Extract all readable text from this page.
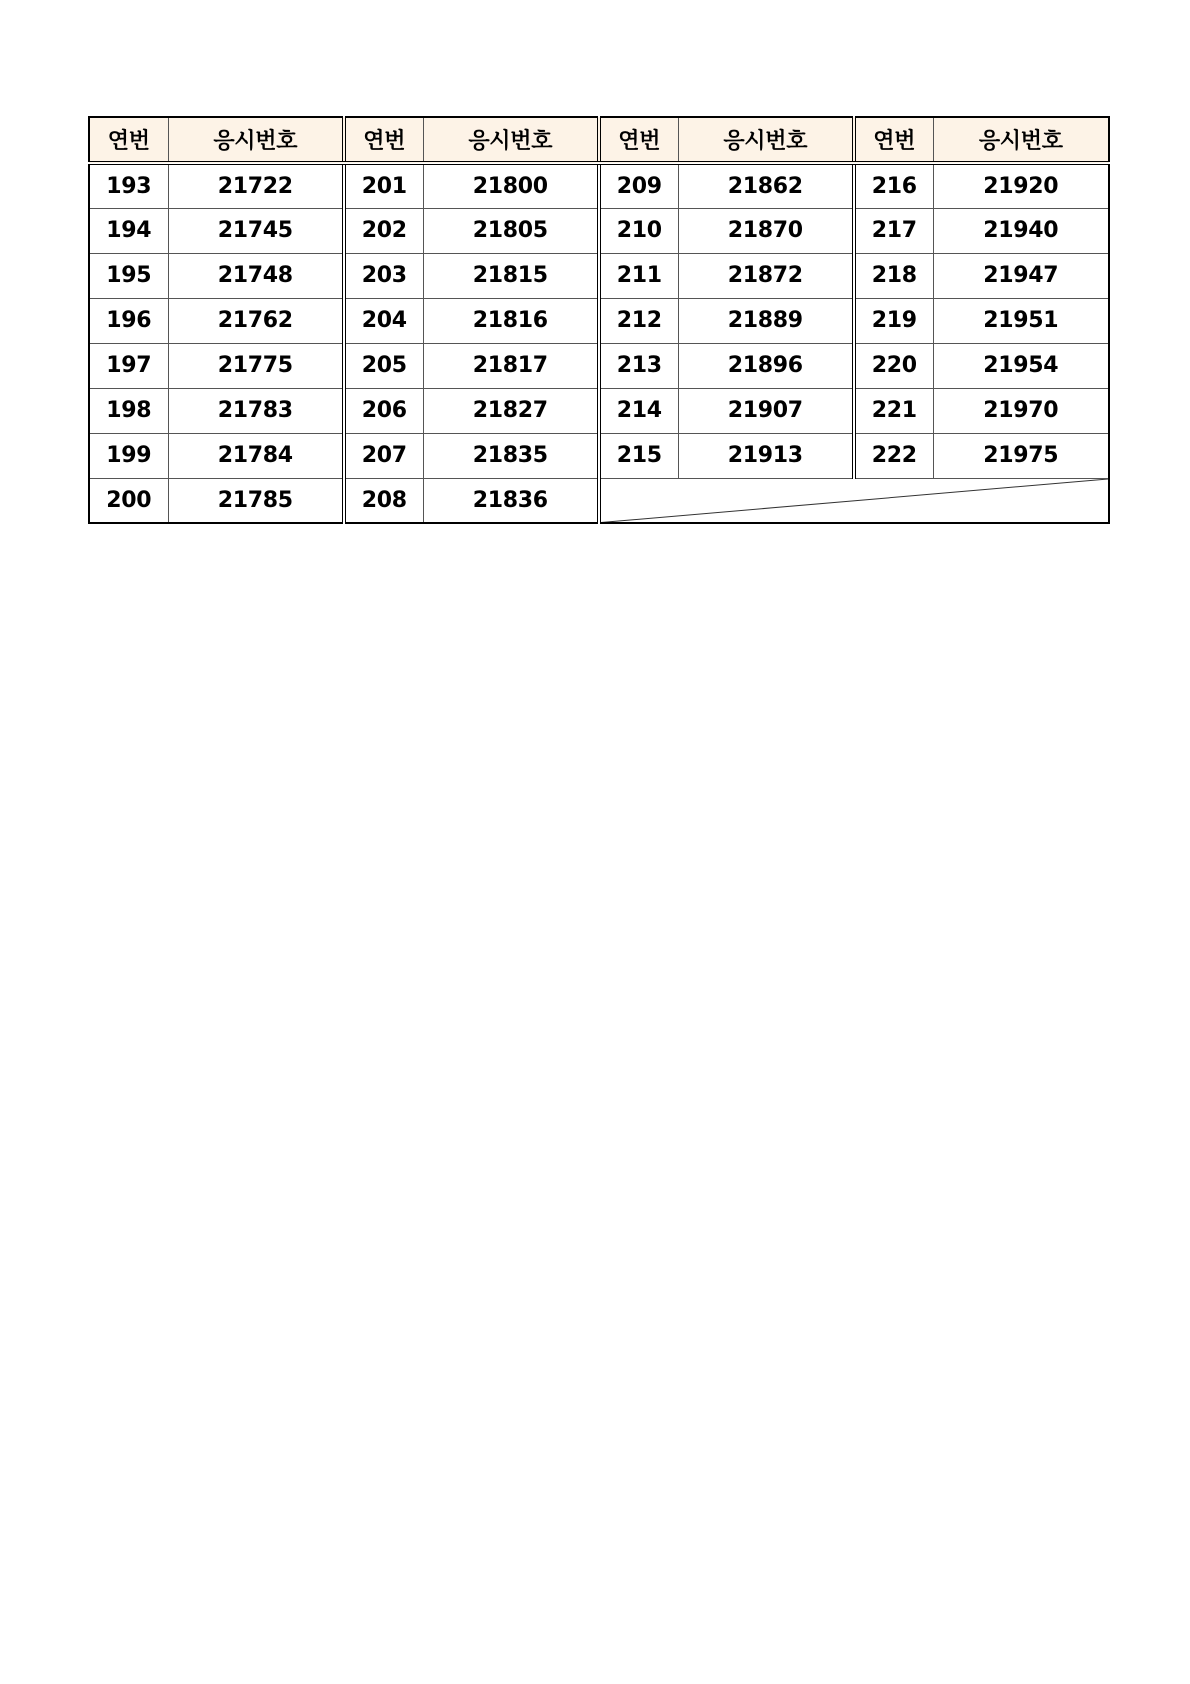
연번	응시번호	연번	응시번호	연번	응시번호	연번	응시번호
193	21722	201	21800	209	21862	216	21920
194	21745	202	21805	210	21870	217	21940
195	21748	203	21815	211	21872	218	21947
196	21762	204	21816	212	21889	219	21951
197	21775	205	21817	213	21896	220	21954
198	21783	206	21827	214	21907	221	21970
199	21784	207	21835	215	21913	222	21975
200	21785	208	21836	
